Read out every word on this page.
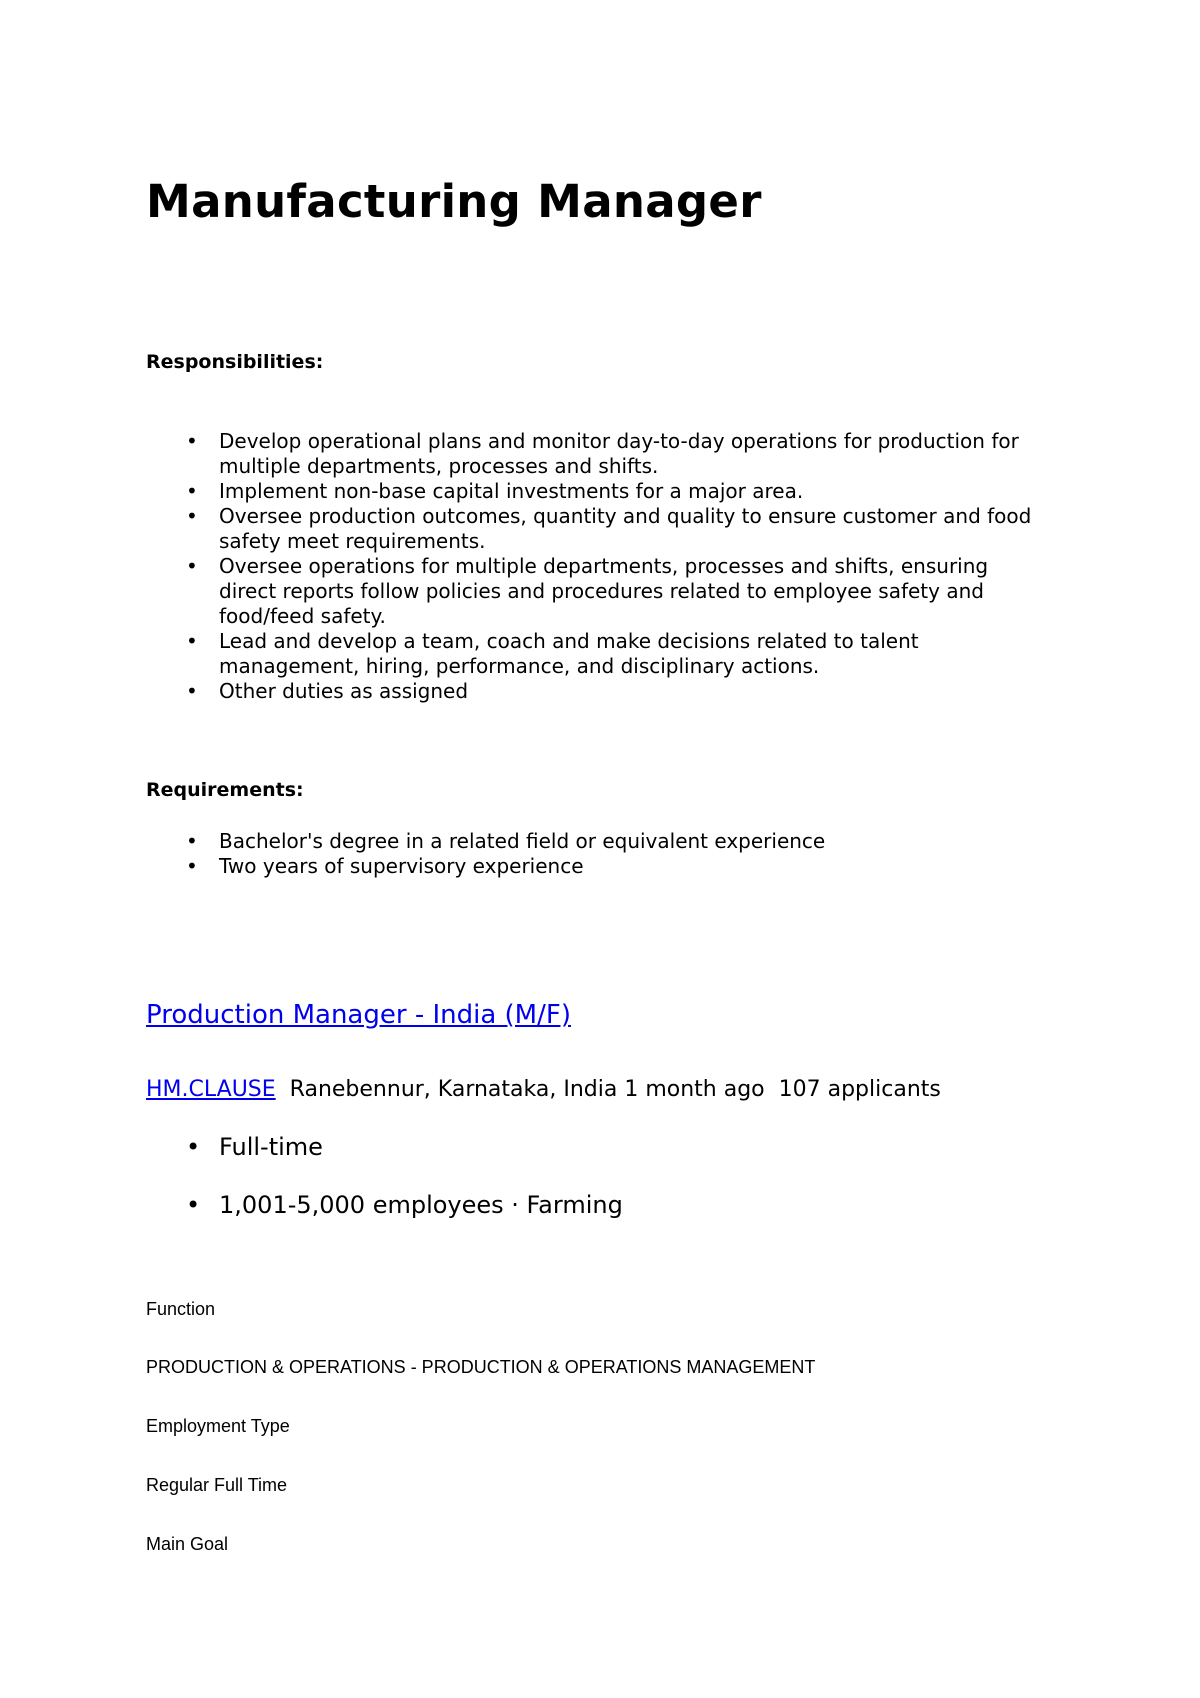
Manufacturing Manager

Responsibilities:

• Develop operational plans and monitor day-to-day operations for production for multiple departments, processes and shifts.
• Implement non-base capital investments for a major area.
• Oversee production outcomes, quantity and quality to ensure customer and food safety meet requirements.
• Oversee operations for multiple departments, processes and shifts, ensuring direct reports follow policies and procedures related to employee safety and food/feed safety.
• Lead and develop a team, coach and make decisions related to talent management, hiring, performance, and disciplinary actions.
• Other duties as assigned

Requirements:

• Bachelor's degree in a related field or equivalent experience
• Two years of supervisory experience
Production Manager - India (M/F)

HM.CLAUSE Ranebennur, Karnataka, India 1 month ago 107 applicants

• Full-time
• 1,001-5,000 employees · Farming

Function

PRODUCTION & OPERATIONS - PRODUCTION & OPERATIONS MANAGEMENT

Employment Type

Regular Full Time

Main Goal
